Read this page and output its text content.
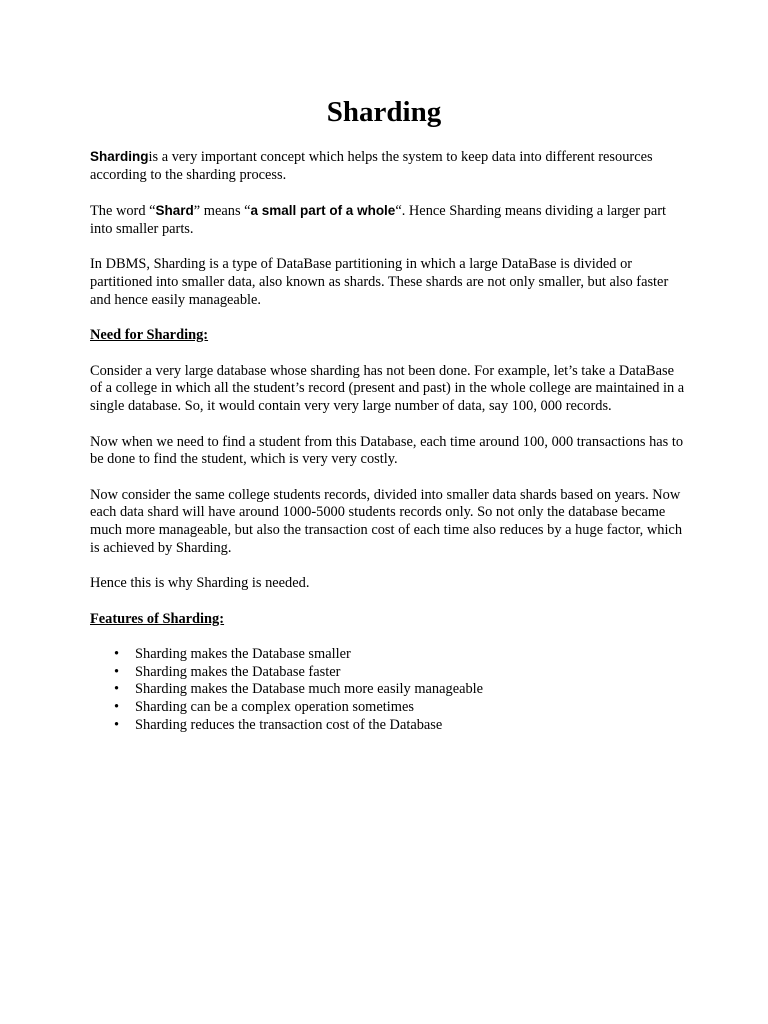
Sharding

Shardingis a very important concept which helps the system to keep data into different resources according to the sharding process.

The word “Shard” means “a small part of a whole“. Hence Sharding means dividing a larger part into smaller parts.

In DBMS, Sharding is a type of DataBase partitioning in which a large DataBase is divided or partitioned into smaller data, also known as shards. These shards are not only smaller, but also faster and hence easily manageable.

Need for Sharding:

Consider a very large database whose sharding has not been done. For example, let’s take a DataBase of a college in which all the student’s record (present and past) in the whole college are maintained in a single database. So, it would contain very very large number of data, say 100, 000 records.

Now when we need to find a student from this Database, each time around 100, 000 transactions has to be done to find the student, which is very very costly.

Now consider the same college students records, divided into smaller data shards based on years. Now each data shard will have around 1000-5000 students records only. So not only the database became much more manageable, but also the transaction cost of each time also reduces by a huge factor, which is achieved by Sharding.

Hence this is why Sharding is needed.

Features of Sharding:

• Sharding makes the Database smaller
• Sharding makes the Database faster
• Sharding makes the Database much more easily manageable
• Sharding can be a complex operation sometimes
• Sharding reduces the transaction cost of the Database
